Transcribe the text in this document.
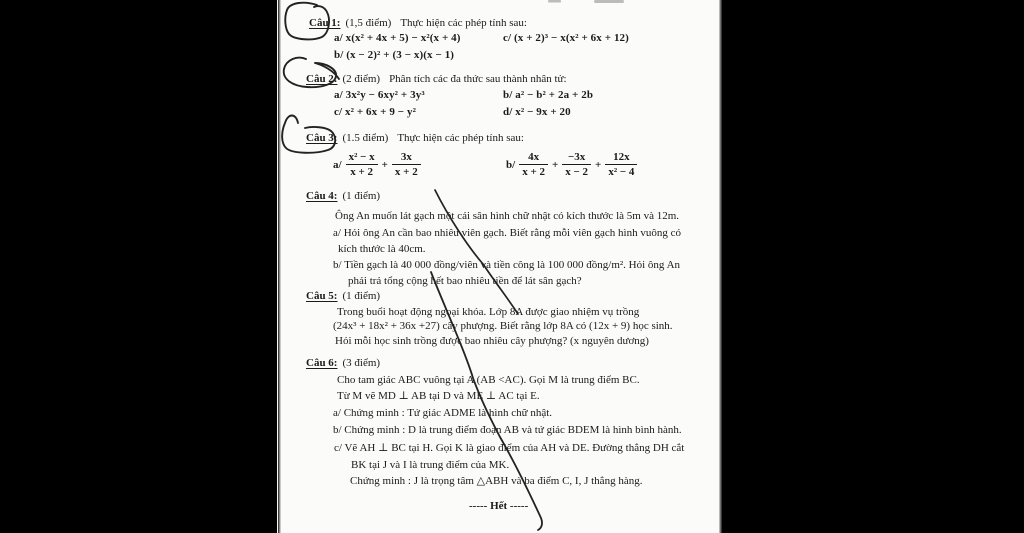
Câu 1: (1,5 điểm) Thực hiện các phép tính sau:
a/ x(x² + 4x + 5) − x²(x + 4)	c/ (x + 2)³ − x(x² + 6x + 12)
b/ (x − 2)² + (3 − x)(x − 1)
Câu 2: (2 điểm) Phân tích các đa thức sau thành nhân tử:
a/ 3x²y − 6xy² + 3y³	b/ a² − b² + 2a + 2b
c/ x² + 6x + 9 − y²	d/ x² − 9x + 20
Câu 3: (1.5 điểm) Thực hiện các phép tính sau:
$a/ \frac{\text{x² − x}}{x + 2} + \frac{3x}{x + 2}$	$b/ \frac{4x}{x + 2} + \frac{-3x}{x - 2} + \frac{12x}{\text{x² − 4}}$
Câu 4: (1 điểm)
Ông An muốn lát gạch một cái sân hình chữ nhật có kích thước là 5m và 12m.
a/ Hỏi ông An cần bao nhiêu viên gạch. Biết rằng mỗi viên gạch hình vuông có
kích thước là 40cm.
b/ Tiền gạch là 40 000 đồng/viên và tiền công là 100 000 đồng/m². Hỏi ông An
phải trả tổng cộng hết bao nhiêu tiền để lát sân gạch?
Câu 5: (1 điểm)
Trong buổi hoạt động ngoại khóa. Lớp 8A được giao nhiệm vụ trồng
(24x³ + 18x² + 36x +27) cây phượng. Biết rằng lớp 8A có (12x + 9) học sinh.
Hỏi mỗi học sinh trồng được bao nhiêu cây phượng? (x nguyên dương)
Câu 6: (3 điểm)
Cho tam giác ABC vuông tại A (AB <AC). Gọi M là trung điểm BC.
Từ M vẽ MD ⊥ AB tại D và ME ⊥ AC tại E.
a/ Chứng minh : Tứ giác ADME là hình chữ nhật.
b/ Chứng minh : D là trung điểm đoạn AB và tứ giác BDEM là hình bình hành.
c/ Vẽ AH ⊥ BC tại H. Gọi K là giao điểm của AH và DE. Đường thẳng DH cắt
BK tại J và I là trung điểm của MK.
Chứng minh : J là trọng tâm △ABH và ba điểm C, I, J thẳng hàng.
----- Hết -----
